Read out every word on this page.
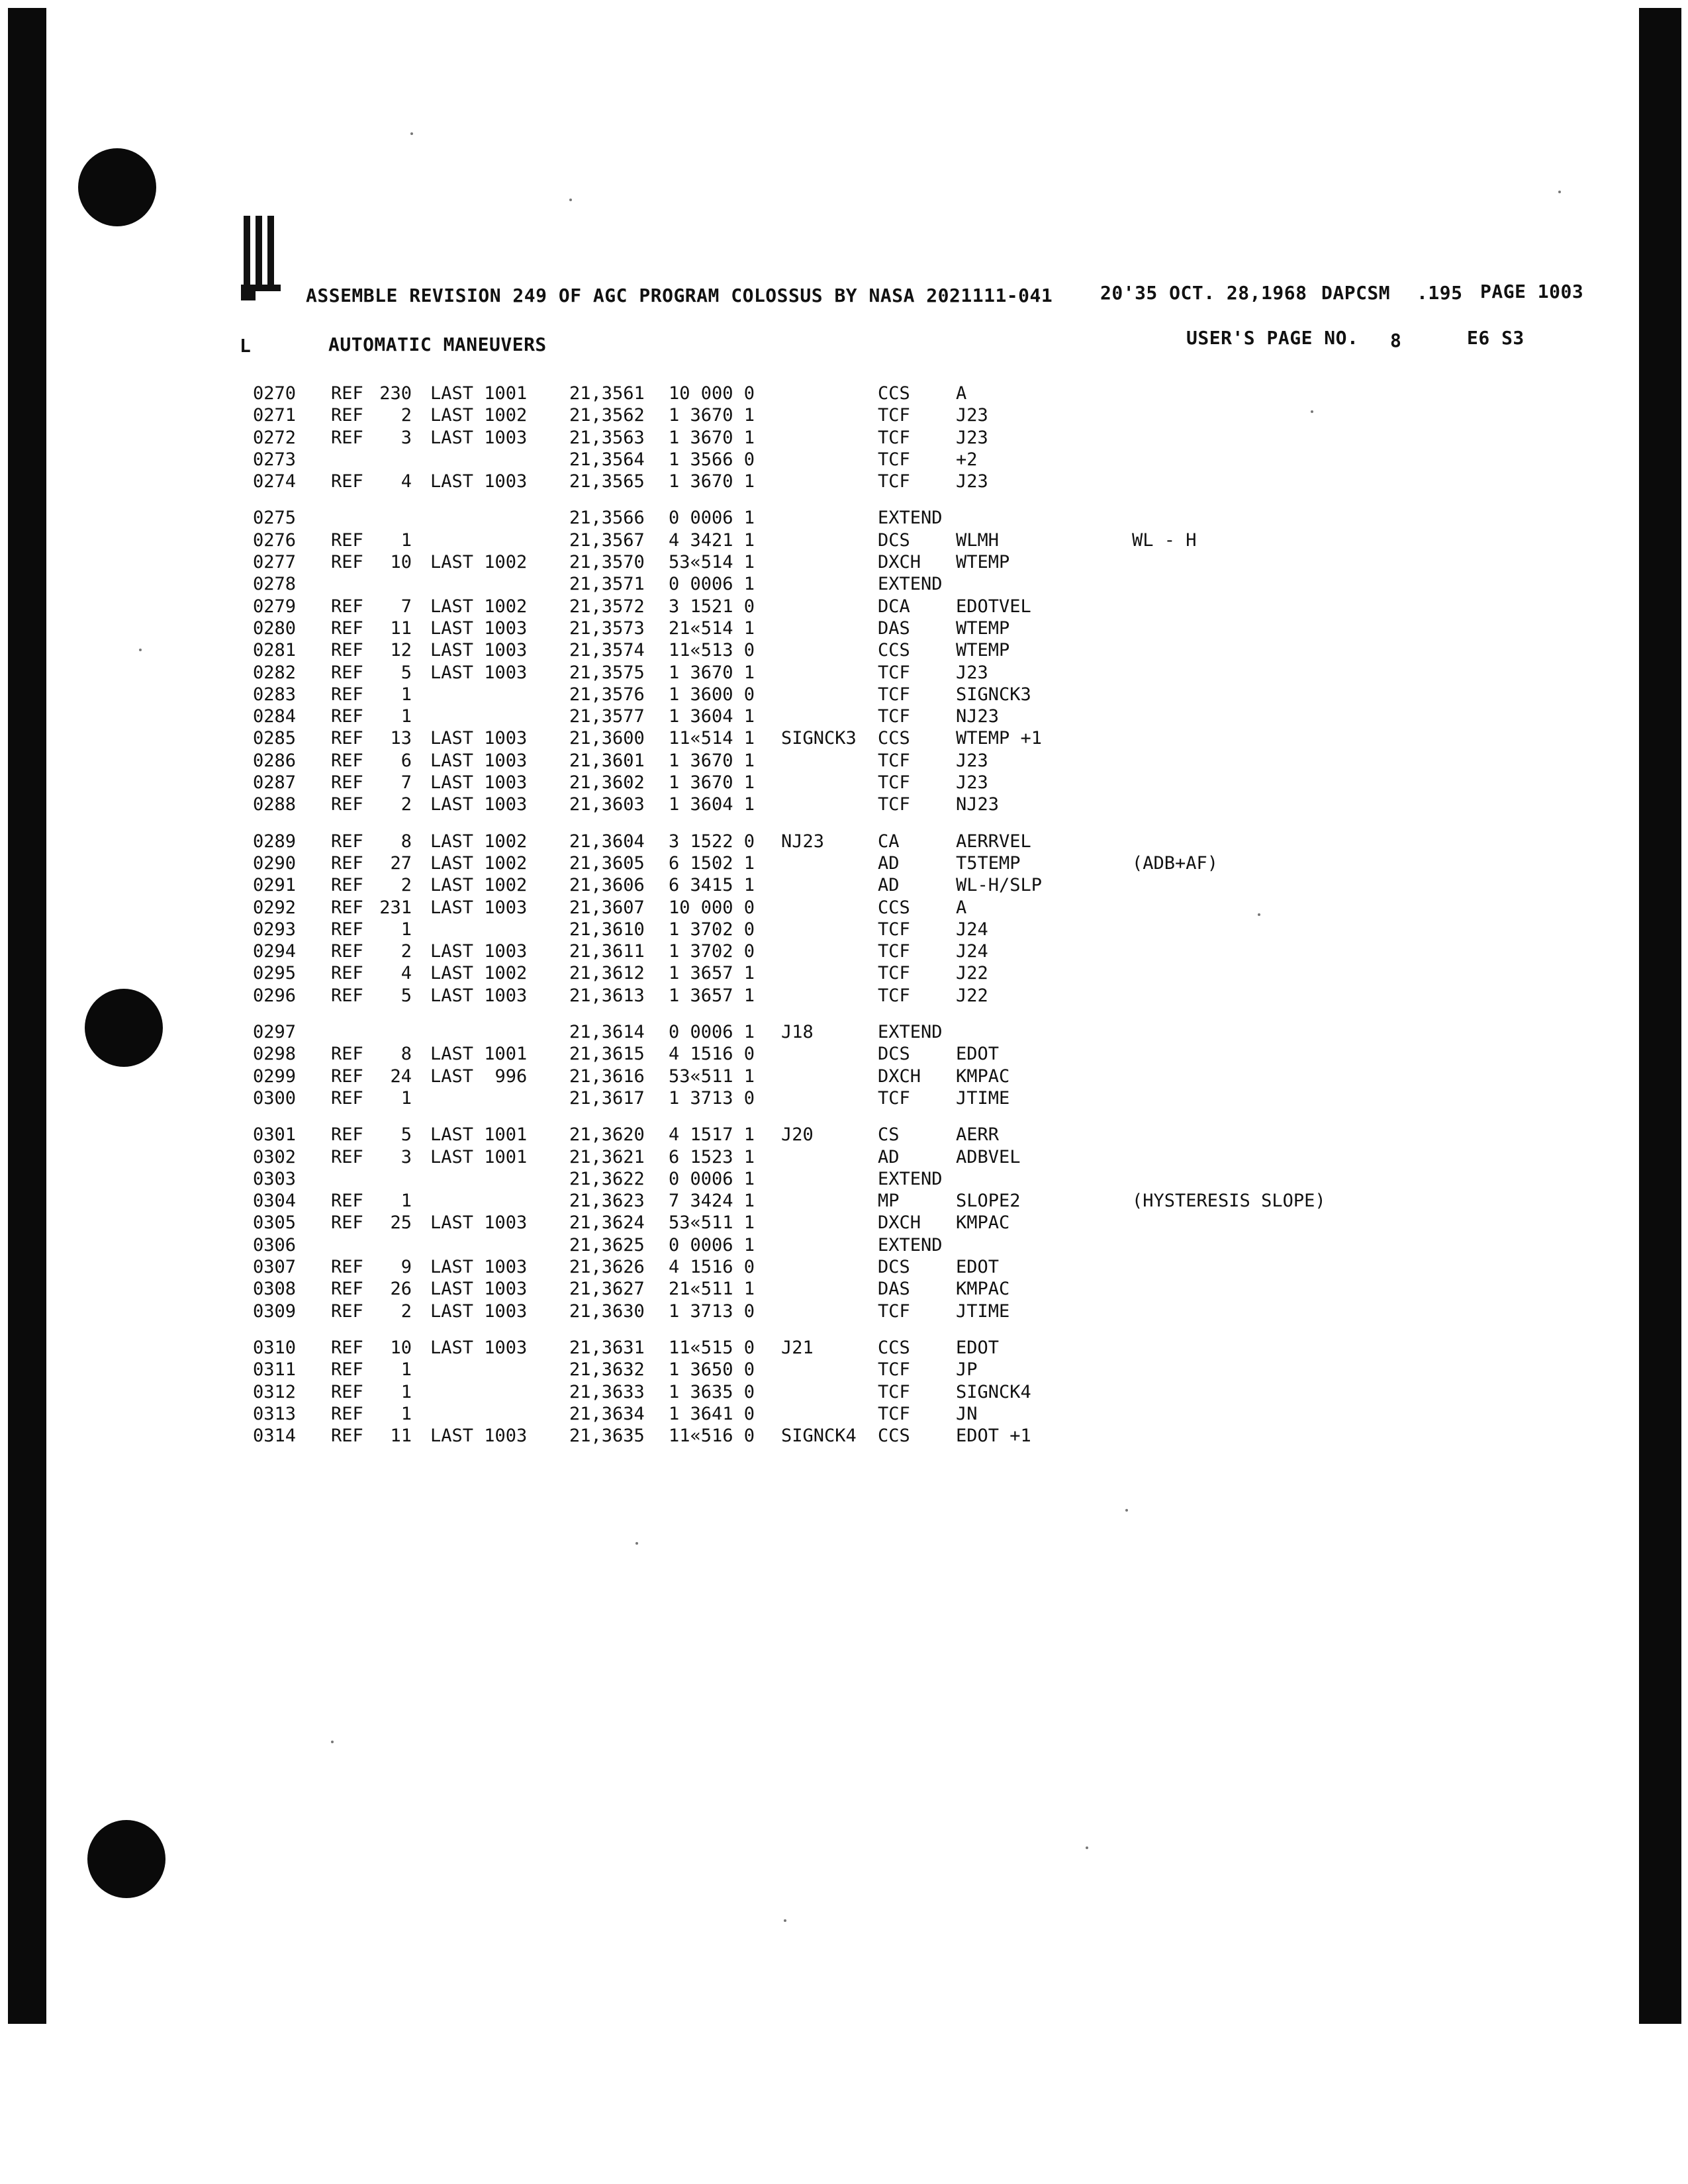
ASSEMBLE REVISION 249 OF AGC PROGRAM COLOSSUS BY NASA 2021111-041	20'35 OCT. 28,1968 DAPCSM .195 PAGE 1003
L	AUTOMATIC MANEUVERS	USER'S PAGE NO. 8	E6 S3
0270 REF 230 LAST 1001 21,3561 10 000 0	CCS	A
0271 REF	2 LAST 1002 21,3562 1 3670 1	TCF	J23
0272 REF	3 LAST 1003 21,3563 1 3670 1	TCF	J23
0273	21,3564 1 3566 0	TCF	+2
0274 REF	4 LAST 1003 21,3565 1 3670 1	TCF	J23
0275	21,3566 0 0006 1	EXTEND
0276 REF	1	21,3567 4 3421 1	DCS	WLMH	WL - H
0277 REF	10 LAST 1002 21,3570 53«514 1	DXCH WTEMP
0278	21,3571 0 0006 1	EXTEND
0279 REF	7 LAST 1002 21,3572 3 1521 0	DCA	EDOTVEL
0280 REF	11 LAST 1003 21,3573 21«514 1	DAS	WTEMP
0281 REF	12 LAST 1003 21,3574 11«513 0	CCS	WTEMP
0282 REF	5 LAST 1003 21,3575 1 3670 1	TCF	J23
0283 REF	1	21,3576 1 3600 0	TCF	SIGNCK3
0284 REF	1	21,3577 1 3604 1	TCF	NJ23
0285 REF	13 LAST 1003 21,3600 11«514 1 SIGNCK3 CCS	WTEMP +1
0286 REF	6 LAST 1003 21,3601 1 3670 1	TCF	J23
0287 REF	7 LAST 1003 21,3602 1 3670 1	TCF	J23
0288 REF	2 LAST 1003 21,3603 1 3604 1	TCF	NJ23
0289 REF	8 LAST 1002 21,3604 3 1522 0 NJ23	CA	AERRVEL
0290 REF	27 LAST 1002 21,3605 6 1502 1	AD	T5TEMP	(ADB+AF)
0291 REF	2 LAST 1002 21,3606 6 3415 1	AD	WL-H/SLP
0292 REF 231 LAST 1003 21,3607 10 000 0	CCS	A
0293 REF	1	21,3610 1 3702 0	TCF	J24
0294 REF	2 LAST 1003 21,3611 1 3702 0	TCF	J24
0295 REF	4 LAST 1002 21,3612 1 3657 1	TCF	J22
0296 REF	5 LAST 1003 21,3613 1 3657 1	TCF	J22
0297	21,3614 0 0006 1 J18	EXTEND
0298 REF	8 LAST 1001 21,3615 4 1516 0	DCS	EDOT
0299 REF	24 LAST  996 21,3616 53«511 1	DXCH KMPAC
0300 REF	1	21,3617 1 3713 0	TCF	JTIME
0301 REF	5 LAST 1001 21,3620 4 1517 1 J20	CS	AERR
0302 REF	3 LAST 1001 21,3621 6 1523 1	AD	ADBVEL
0303	21,3622 0 0006 1	EXTEND
0304 REF	1	21,3623 7 3424 1	MP	SLOPE2	(HYSTERESIS SLOPE)
0305 REF	25 LAST 1003 21,3624 53«511 1	DXCH KMPAC
0306	21,3625 0 0006 1	EXTEND
0307 REF	9 LAST 1003 21,3626 4 1516 0	DCS	EDOT
0308 REF	26 LAST 1003 21,3627 21«511 1	DAS	KMPAC
0309 REF	2 LAST 1003 21,3630 1 3713 0	TCF	JTIME
0310 REF	10 LAST 1003 21,3631 11«515 0 J21	CCS	EDOT
0311 REF	1	21,3632 1 3650 0	TCF	JP
0312 REF	1	21,3633 1 3635 0	TCF	SIGNCK4
0313 REF	1	21,3634 1 3641 0	TCF	JN
0314 REF	11 LAST 1003 21,3635 11«516 0 SIGNCK4 CCS	EDOT +1
